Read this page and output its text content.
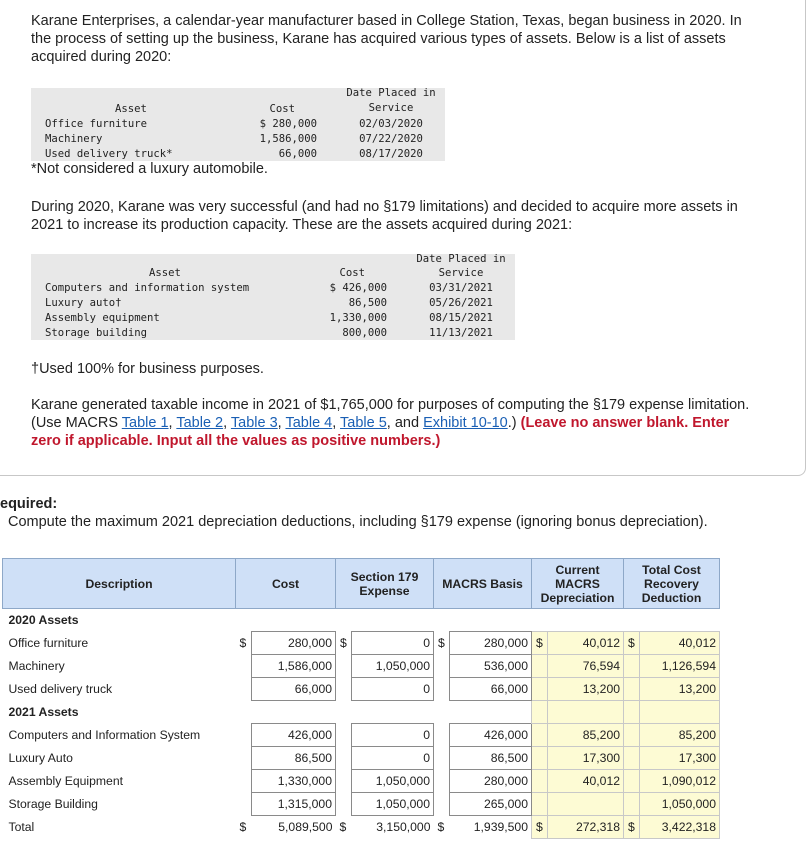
Karane Enterprises, a calendar-year manufacturer based in College Station, Texas, began business in 2020. In the process of setting up the business, Karane has acquired various types of assets. Below is a list of assets acquired during 2020:
Date Placed in
Service
Asset	Cost
Office furniture	$ 280,000	02/03/2020
Machinery	1,586,000	07/22/2020
Used delivery truck*	66,000	08/17/2020
*Not considered a luxury automobile.
During 2020, Karane was very successful (and had no §179 limitations) and decided to acquire more assets in 2021 to increase its production capacity. These are the assets acquired during 2021:
Date Placed in
Service
Asset	Cost
Computers and information system	$ 426,000	03/31/2021
Luxury auto†	86,500	05/26/2021
Assembly equipment	1,330,000	08/15/2021
Storage building	800,000	11/13/2021
†Used 100% for business purposes.
Karane generated taxable income in 2021 of $1,765,000 for purposes of computing the §179 expense limitation. (Use MACRS Table 1, Table 2, Table 3, Table 4, Table 5, and Exhibit 10-10.) (Leave no answer blank. Enter zero if applicable. Input all the values as positive numbers.)
equired:
Compute the maximum 2021 depreciation deductions, including §179 expense (ignoring bonus depreciation).
Description	Cost		Section 179 Expense		MACRS Basis		Current MACRS Depreciation		Total Cost Recovery Deduction	
2020 Assets										
Office furniture	$	280,000	$	0	$	280,000	$	40,012	$	40,012
Machinery		1,586,000		1,050,000		536,000		76,594		1,126,594
Used delivery truck		66,000		0		66,000		13,200		13,200
2021 Assets										
Computers and Information System		426,000		0		426,000		85,200		85,200
Luxury Auto		86,500		0		86,500		17,300		17,300
Assembly Equipment		1,330,000		1,050,000		280,000		40,012		1,090,012
Storage Building		1,315,000		1,050,000		265,000				1,050,000
Total	$	5,089,500	$	3,150,000	$	1,939,500	$	272,318	$	3,422,318
